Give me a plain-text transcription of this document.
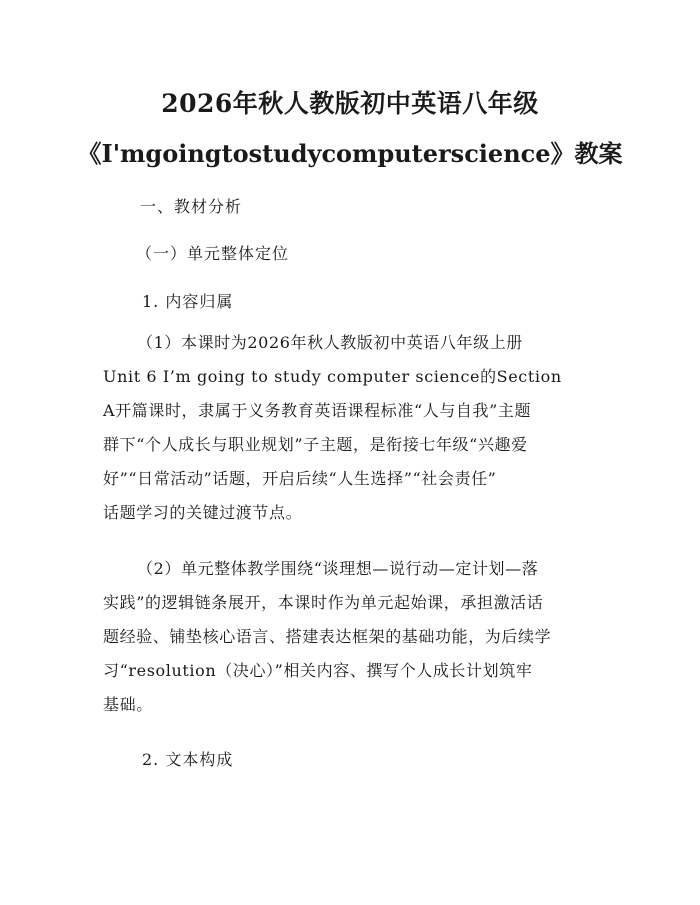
2026年秋人教版初中英语八年级
《I'mgoingtostudycomputerscience》教案
一、教材分析
（一）单元整体定位
1. 内容归属
（1）本课时为2026年秋人教版初中英语八年级上册
Unit 6 I’m going to study computer science的Section
A开篇课时，隶属于义务教育英语课程标准“人与自我”主题
群下“个人成长与职业规划”子主题，是衔接七年级“兴趣爱
好”“日常活动”话题，开启后续“人生选择”“社会责任”
话题学习的关键过渡节点。
（2）单元整体教学围绕“谈理想—说行动—定计划—落
实践”的逻辑链条展开，本课时作为单元起始课，承担激活话
题经验、铺垫核心语言、搭建表达框架的基础功能，为后续学
习“resolution（决心）”相关内容、撰写个人成长计划筑牢
基础。
2. 文本构成
